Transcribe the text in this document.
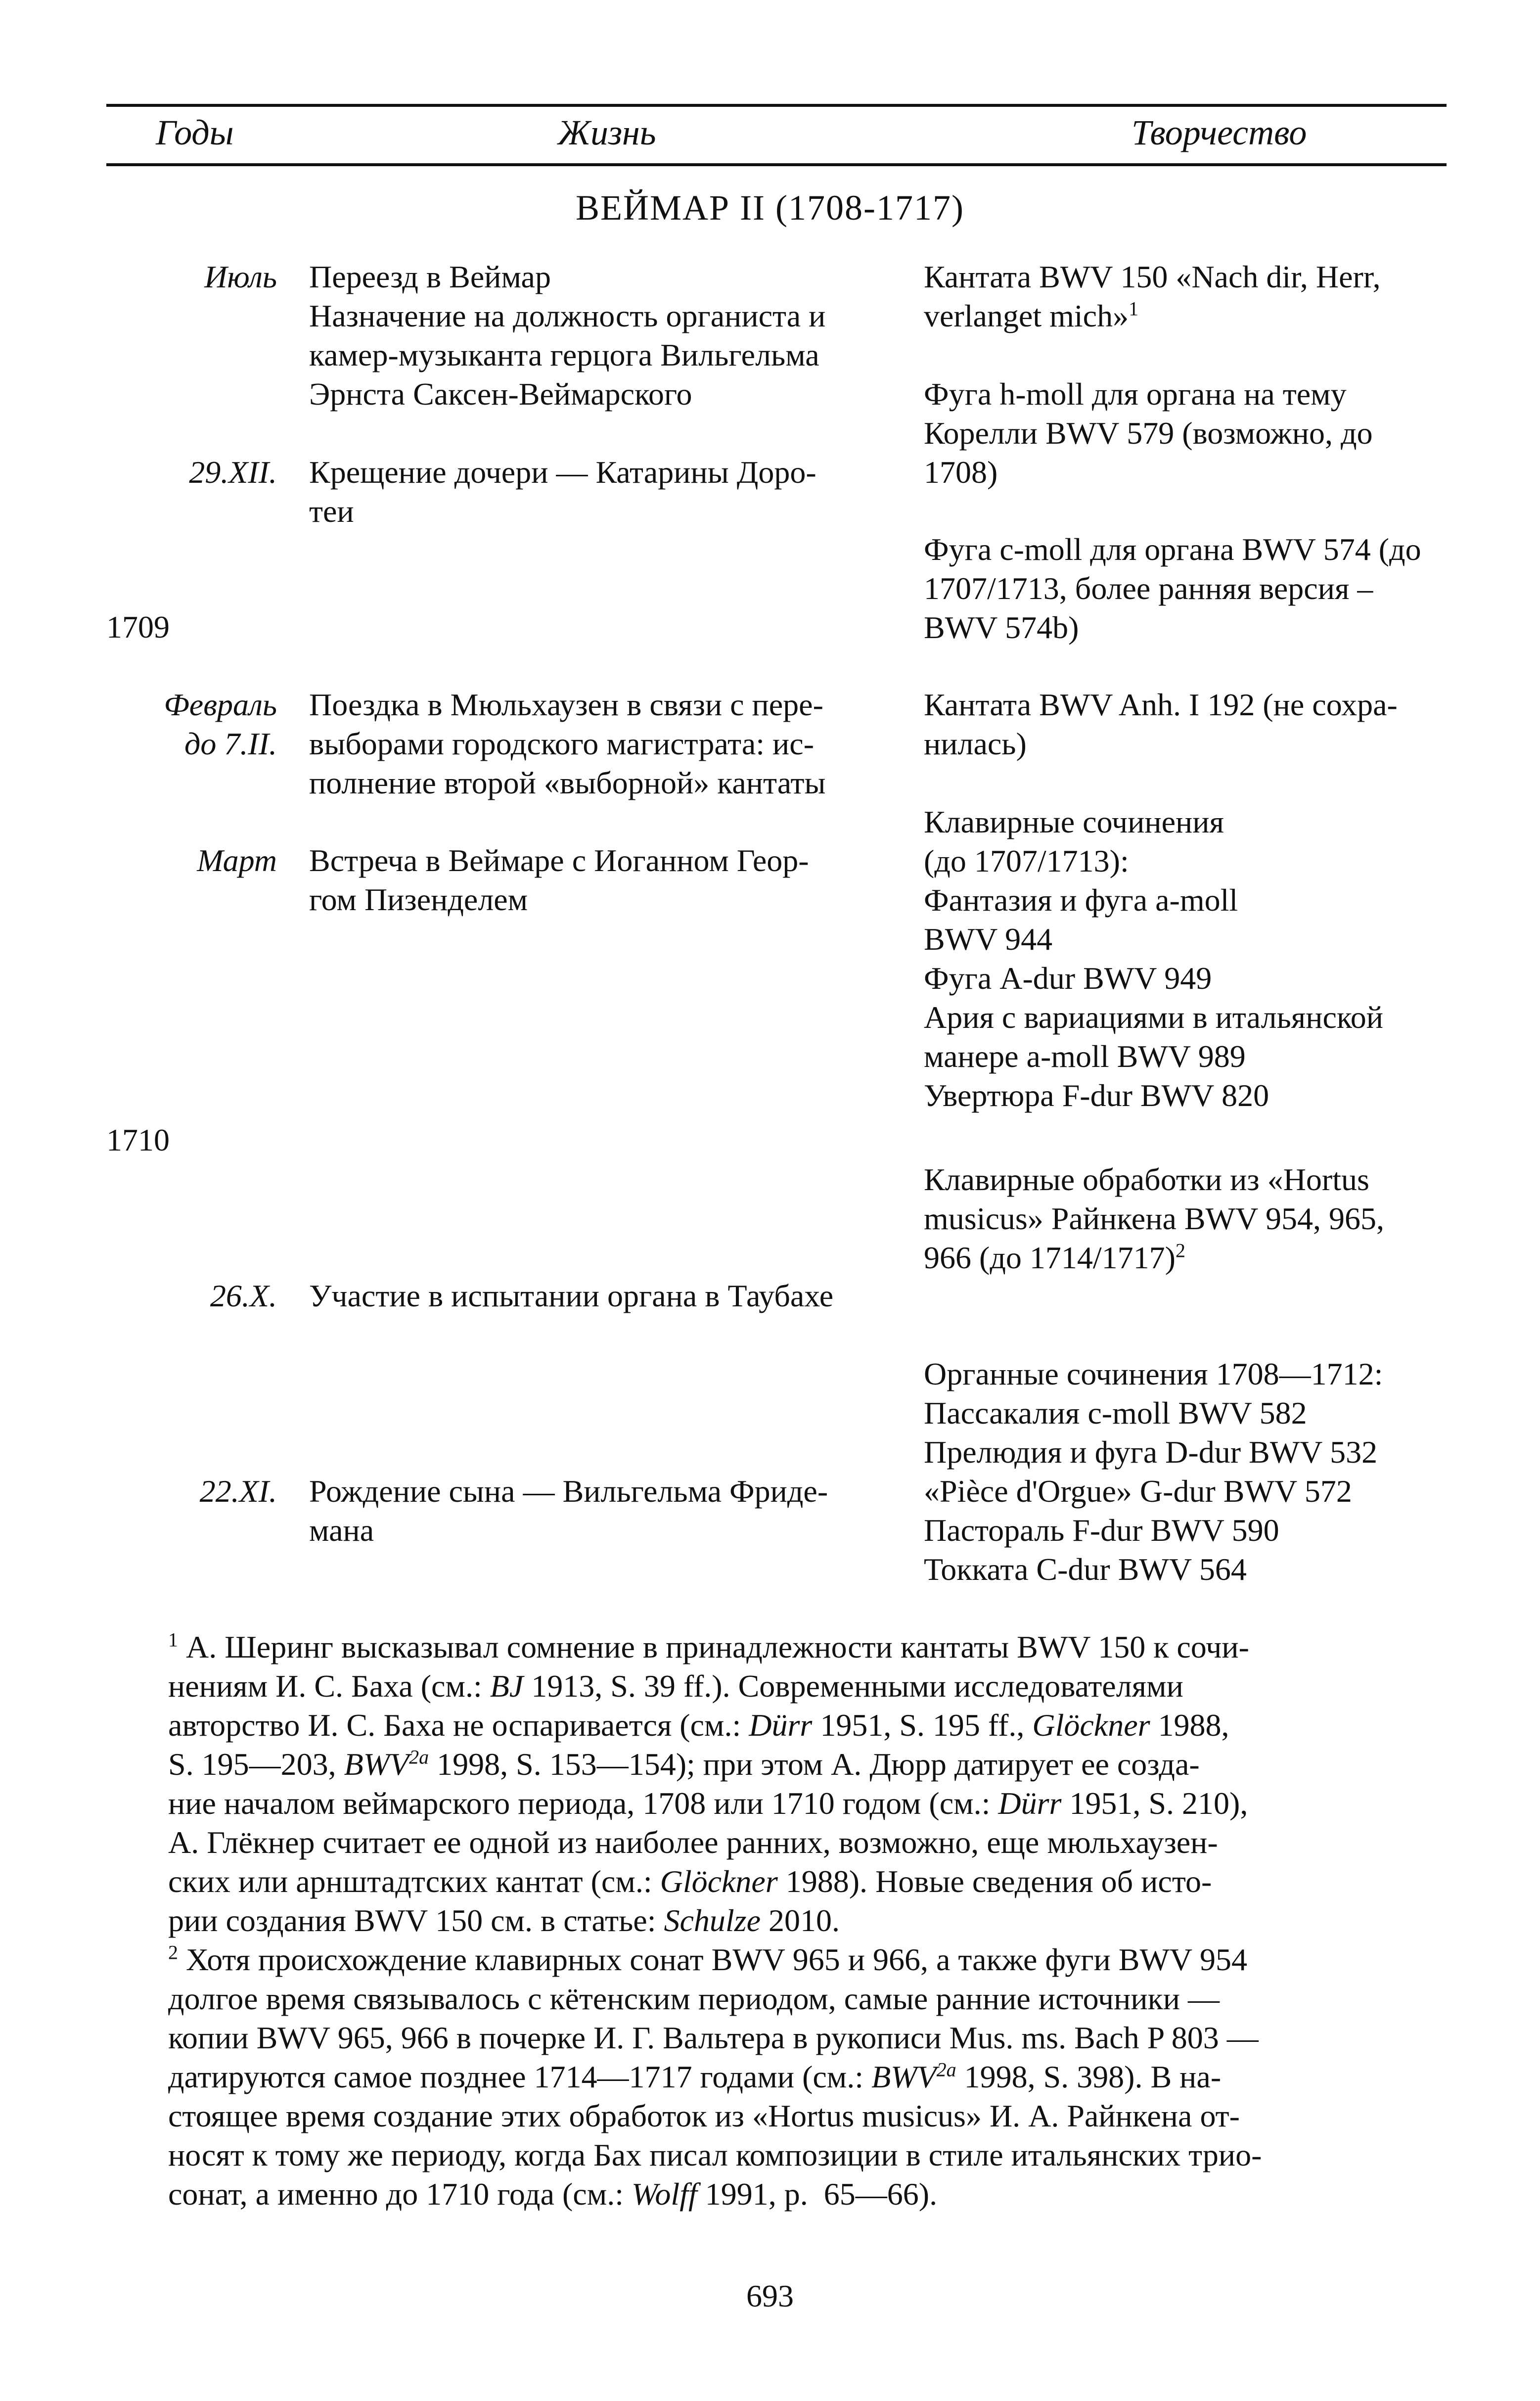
Годы	Жизнь	Творчество
ВЕЙМАР II (1708-1717)
Июль
29.XII.
1709
Февраль
до 7.II.
Март
1710
26.X.
22.XI.
Переезд в Веймар
Назначение на должность органиста и
камер-музыканта герцога Вильгельма
Эрнста Саксен-Веймарского
Крещение дочери — Катарины Доро-
теи
Поездка в Мюльхаузен в связи с пере-
выборами городского магистрата: ис-
полнение второй «выборной» кантаты
Встреча в Веймаре с Иоганном Геор-
гом Пизенделем
Участие в испытании органа в Таубахе
Рождение сына — Вильгельма Фриде-
мана
Кантата BWV 150 «Nach dir, Herr,
verlanget mich»$^1$
Фуга h-moll для органа на тему
Корелли BWV 579 (возможно, до
1708)
Фуга c-moll для органа BWV 574 (до
1707/1713, более ранняя версия –
BWV 574b)
Кантата BWV Anh. I 192 (не сохра-
нилась)
Клавирные сочинения
(до 1707/1713):
Фантазия и фуга a-moll
BWV 944
Фуга A-dur BWV 949
Ария с вариациями в итальянской
манере a-moll BWV 989
Увертюра F-dur BWV 820
Клавирные обработки из «Hortus
musicus» Райнкена BWV 954, 965,
966 (до 1714/1717)$^2$
Органные сочинения 1708—1712:
Пассакалия c-moll BWV 582
Прелюдия и фуга D-dur BWV 532
«Pièce d'Orgue» G-dur BWV 572
Пастораль F-dur BWV 590
Токката C-dur BWV 564
$^1$ А. Шеринг высказывал сомнение в принадлежности кантаты BWV 150 к сочи-
нениям И. С. Баха (см.: BJ 1913, S. 39 ff.). Современными исследователями
авторство И. С. Баха не оспаривается (см.: Dürr 1951, S. 195 ff., Glöckner 1988,
S. 195—203, $BWV^{2a}$ 1998, S. 153—154); при этом А. Дюрр датирует ее созда-
ние началом веймарского периода, 1708 или 1710 годом (см.: Dürr 1951, S. 210),
А. Глёкнер считает ее одной из наиболее ранних, возможно, еще мюльхаузен-
ских или арнштадтских кантат (см.: Glöckner 1988). Новые сведения об исто-
рии создания BWV 150 см. в статье: Schulze 2010.
$^2$ Хотя происхождение клавирных сонат BWV 965 и 966, а также фуги BWV 954
долгое время связывалось с кётенским периодом, самые ранние источники —
копии BWV 965, 966 в почерке И. Г. Вальтера в рукописи Mus. ms. Bach P 803 —
датируются самое позднее 1714—1717 годами (см.: $BWV^{2a}$ 1998, S. 398). В на-
стоящее время создание этих обработок из «Hortus musicus» И. А. Райнкена от-
носят к тому же периоду, когда Бах писал композиции в стиле итальянских трио-
сонат, а именно до 1710 года (см.: Wolff 1991, p.  65—66).
693
